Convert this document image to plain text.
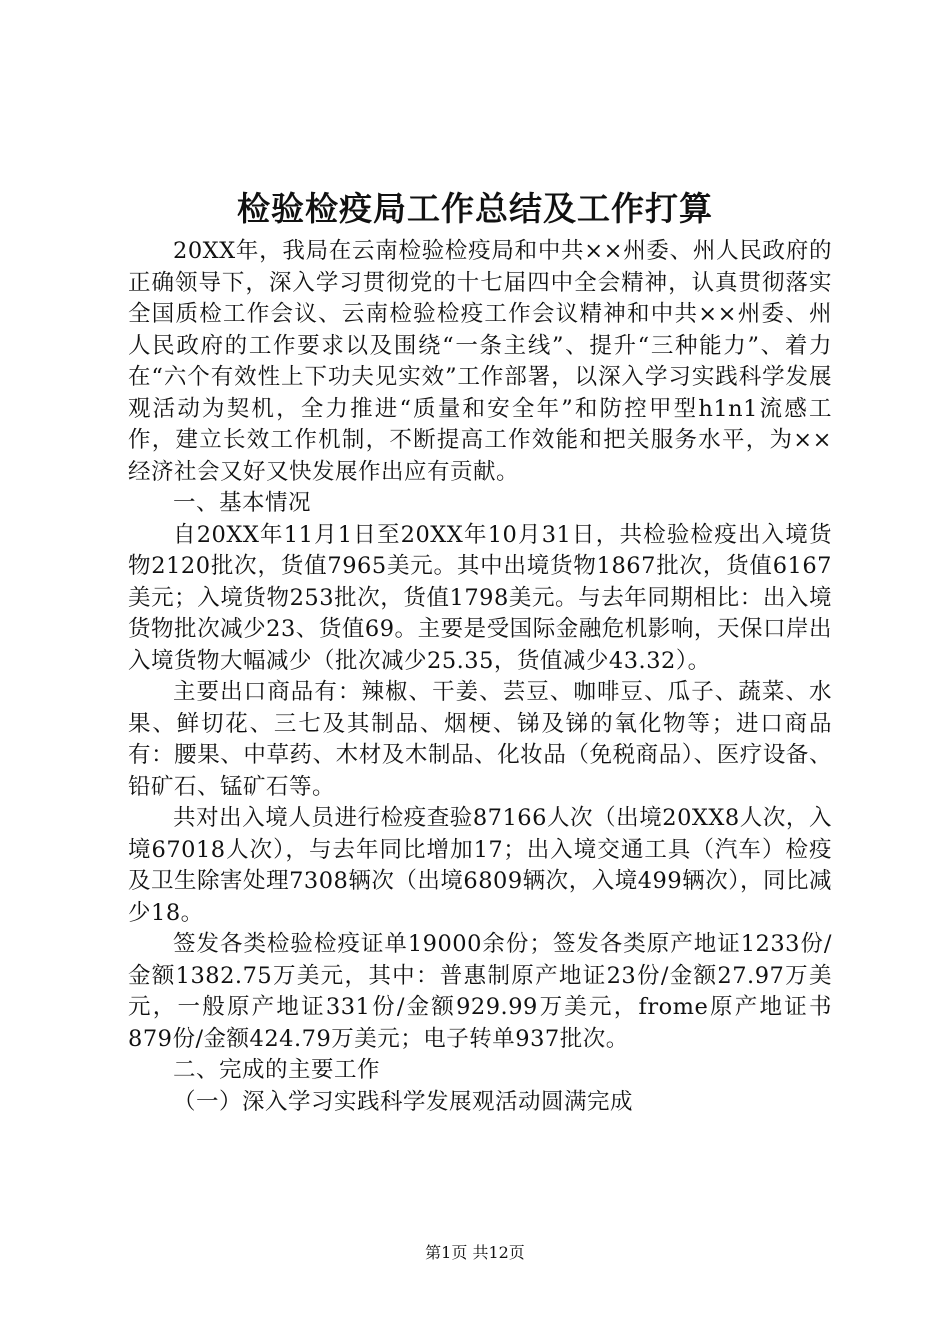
检验检疫局工作总结及工作打算

20XX年，我局在云南检验检疫局和中共××州委、州人民政府的正确领导下，深入学习贯彻党的十七届四中全会精神，认真贯彻落实全国质检工作会议、云南检验检疫工作会议精神和中共××州委、州人民政府的工作要求以及围绕“一条主线”、提升“三种能力”、着力在“六个有效性上下功夫见实效”工作部署，以深入学习实践科学发展观活动为契机，全力推进“质量和安全年”和防控甲型h1n1流感工作，建立长效工作机制，不断提高工作效能和把关服务水平，为××经济社会又好又快发展作出应有贡献。

一、基本情况

自20XX年11月1日至20XX年10月31日，共检验检疫出入境货物2120批次，货值7965美元。其中出境货物1867批次，货值6167美元；入境货物253批次，货值1798美元。与去年同期相比：出入境货物批次减少23、货值69。主要是受国际金融危机影响，天保口岸出入境货物大幅减少（批次减少25.35，货值减少43.32）。

主要出口商品有：辣椒、干姜、芸豆、咖啡豆、瓜子、蔬菜、水果、鲜切花、三七及其制品、烟梗、锑及锑的氧化物等；进口商品有：腰果、中草药、木材及木制品、化妆品（免税商品）、医疗设备、铅矿石、锰矿石等。

共对出入境人员进行检疫查验87166人次（出境20XX8人次，入境67018人次），与去年同比增加17；出入境交通工具（汽车）检疫及卫生除害处理7308辆次（出境6809辆次，入境499辆次），同比减少18。

签发各类检验检疫证单19000余份；签发各类原产地证1233份/金额1382.75万美元，其中：普惠制原产地证23份/金额27.97万美元，一般原产地证331份/金额929.99万美元，frome原产地证书879份/金额424.79万美元；电子转单937批次。

二、完成的主要工作

（一）深入学习实践科学发展观活动圆满完成

第1页 共12页
